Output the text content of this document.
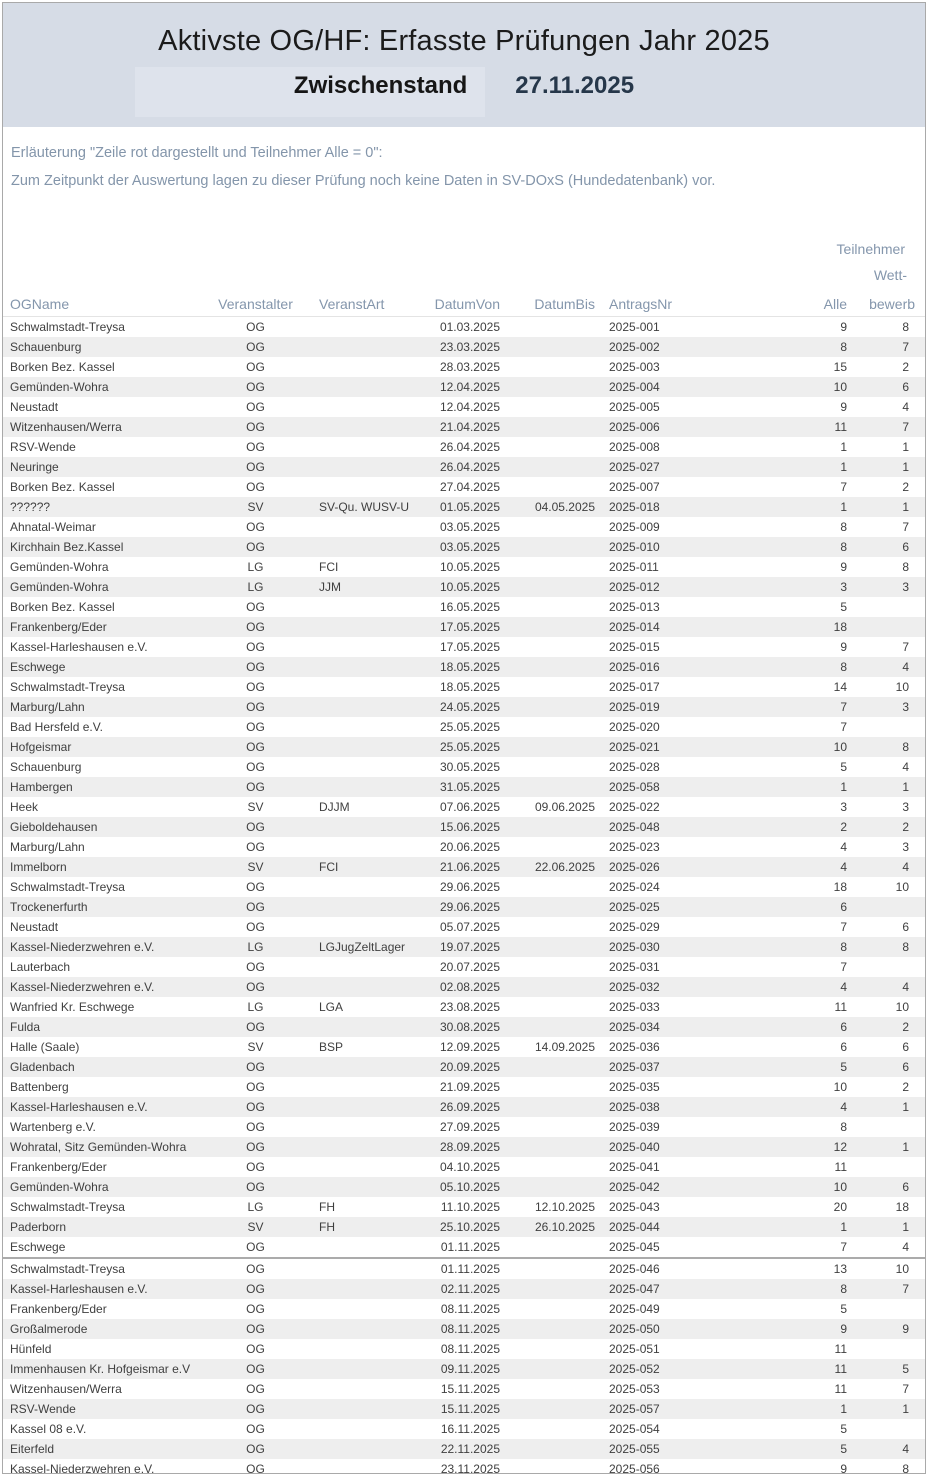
Aktivste OG/HF: Erfasste Prüfungen Jahr 2025
Zwischenstand 27.11.2025
Erläuterung "Zeile rot dargestellt und Teilnehmer Alle = 0":
Zum Zeitpunkt der Auswertung lagen zu dieser Prüfung noch keine Daten in SV-DOxS (Hundedatenbank) vor.
						Teilnehmer	
							Wett-
OGName	Veranstalter	VeranstArt	DatumVon	DatumBis	AntragsNr	Alle	bewerb
Schwalmstadt-Treysa	OG		01.03.2025		2025-001	9	8
Schauenburg	OG		23.03.2025		2025-002	8	7
Borken Bez. Kassel	OG		28.03.2025		2025-003	15	2
Gemünden-Wohra	OG		12.04.2025		2025-004	10	6
Neustadt	OG		12.04.2025		2025-005	9	4
Witzenhausen/Werra	OG		21.04.2025		2025-006	11	7
RSV-Wende	OG		26.04.2025		2025-008	1	1
Neuringe	OG		26.04.2025		2025-027	1	1
Borken Bez. Kassel	OG		27.04.2025		2025-007	7	2
??????	SV	SV-Qu. WUSV-U	01.05.2025	04.05.2025	2025-018	1	1
Ahnatal-Weimar	OG		03.05.2025		2025-009	8	7
Kirchhain Bez.Kassel	OG		03.05.2025		2025-010	8	6
Gemünden-Wohra	LG	FCI	10.05.2025		2025-011	9	8
Gemünden-Wohra	LG	JJM	10.05.2025		2025-012	3	3
Borken Bez. Kassel	OG		16.05.2025		2025-013	5	
Frankenberg/Eder	OG		17.05.2025		2025-014	18	
Kassel-Harleshausen e.V.	OG		17.05.2025		2025-015	9	7
Eschwege	OG		18.05.2025		2025-016	8	4
Schwalmstadt-Treysa	OG		18.05.2025		2025-017	14	10
Marburg/Lahn	OG		24.05.2025		2025-019	7	3
Bad Hersfeld e.V.	OG		25.05.2025		2025-020	7	
Hofgeismar	OG		25.05.2025		2025-021	10	8
Schauenburg	OG		30.05.2025		2025-028	5	4
Hambergen	OG		31.05.2025		2025-058	1	1
Heek	SV	DJJM	07.06.2025	09.06.2025	2025-022	3	3
Gieboldehausen	OG		15.06.2025		2025-048	2	2
Marburg/Lahn	OG		20.06.2025		2025-023	4	3
Immelborn	SV	FCI	21.06.2025	22.06.2025	2025-026	4	4
Schwalmstadt-Treysa	OG		29.06.2025		2025-024	18	10
Trockenerfurth	OG		29.06.2025		2025-025	6	
Neustadt	OG		05.07.2025		2025-029	7	6
Kassel-Niederzwehren e.V.	LG	LGJugZeltLager	19.07.2025		2025-030	8	8
Lauterbach	OG		20.07.2025		2025-031	7	
Kassel-Niederzwehren e.V.	OG		02.08.2025		2025-032	4	4
Wanfried Kr. Eschwege	LG	LGA	23.08.2025		2025-033	11	10
Fulda	OG		30.08.2025		2025-034	6	2
Halle (Saale)	SV	BSP	12.09.2025	14.09.2025	2025-036	6	6
Gladenbach	OG		20.09.2025		2025-037	5	6
Battenberg	OG		21.09.2025		2025-035	10	2
Kassel-Harleshausen e.V.	OG		26.09.2025		2025-038	4	1
Wartenberg e.V.	OG		27.09.2025		2025-039	8	
Wohratal, Sitz Gemünden-Wohra	OG		28.09.2025		2025-040	12	1
Frankenberg/Eder	OG		04.10.2025		2025-041	11	
Gemünden-Wohra	OG		05.10.2025		2025-042	10	6
Schwalmstadt-Treysa	LG	FH	11.10.2025	12.10.2025	2025-043	20	18
Paderborn	SV	FH	25.10.2025	26.10.2025	2025-044	1	1
Eschwege	OG		01.11.2025		2025-045	7	4
Schwalmstadt-Treysa	OG		01.11.2025		2025-046	13	10
Kassel-Harleshausen e.V.	OG		02.11.2025		2025-047	8	7
Frankenberg/Eder	OG		08.11.2025		2025-049	5	
Großalmerode	OG		08.11.2025		2025-050	9	9
Hünfeld	OG		08.11.2025		2025-051	11	
Immenhausen Kr. Hofgeismar e.V	OG		09.11.2025		2025-052	11	5
Witzenhausen/Werra	OG		15.11.2025		2025-053	11	7
RSV-Wende	OG		15.11.2025		2025-057	1	1
Kassel 08 e.V.	OG		16.11.2025		2025-054	5	
Eiterfeld	OG		22.11.2025		2025-055	5	4
Kassel-Niederzwehren e.V.	OG		23.11.2025		2025-056	9	8
